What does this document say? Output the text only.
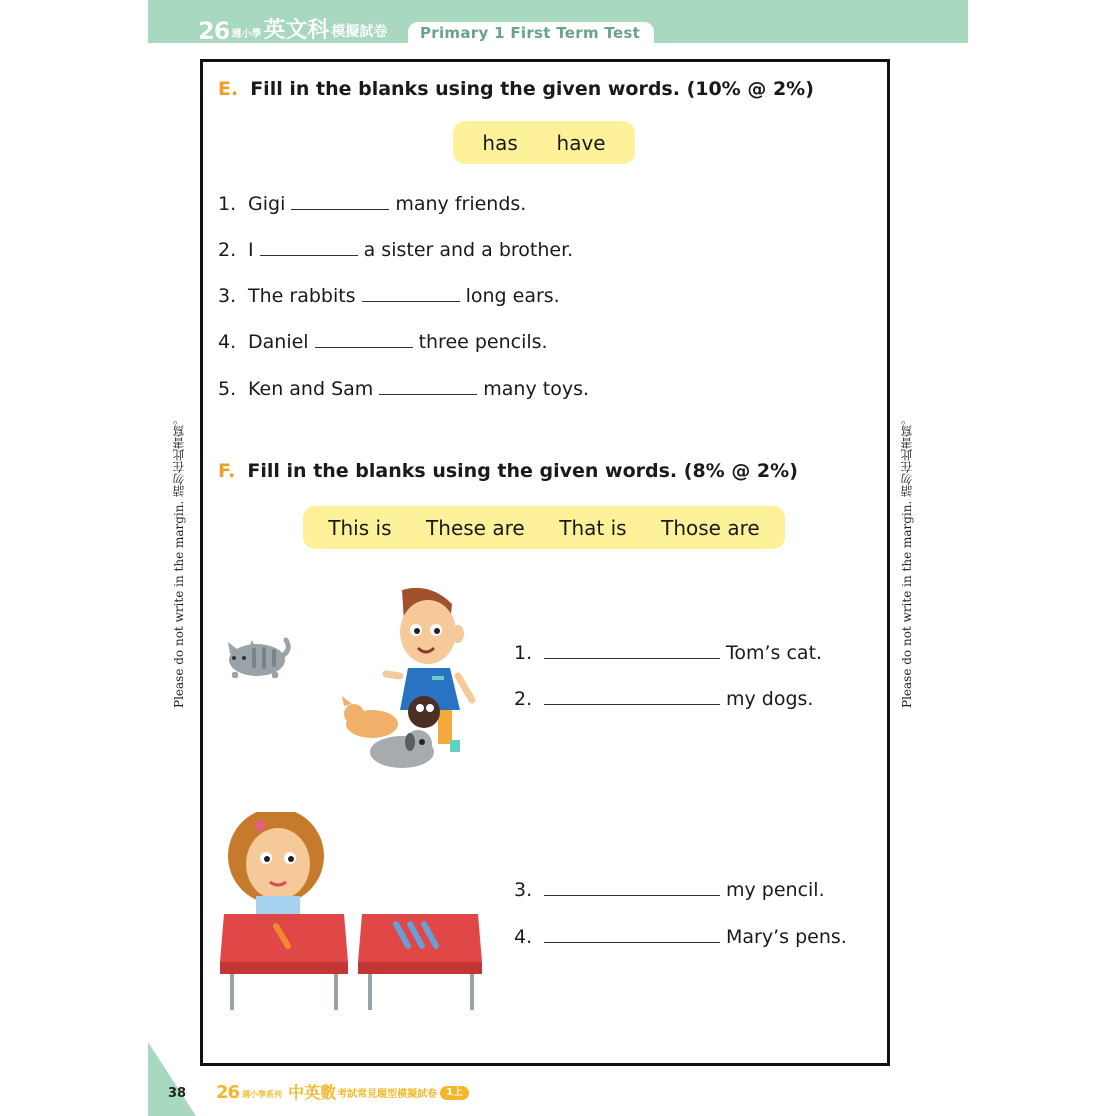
26 週小學 英文科 模擬試卷	Primary 1 First Term Test
Please do not write in the margin. 請勿在此書寫。	Please do not write in the margin. 請勿在此書寫。
E. Fill in the blanks using the given words. (10% @ 2%)
has have
1. Gigi	many friends.
2. I	a sister and a brother.
3. The rabbits	long ears.
4. Daniel	three pencils.
5. Ken and Sam	many toys.
F. Fill in the blanks using the given words. (8% @ 2%)
This is These are That is Those are
1.	Tom’s cat.
2.	my dogs.
3.	my pencil.
4.	Mary’s pens.
38 26 週小學系列 中英數 考試常見題型模擬試卷 1上
